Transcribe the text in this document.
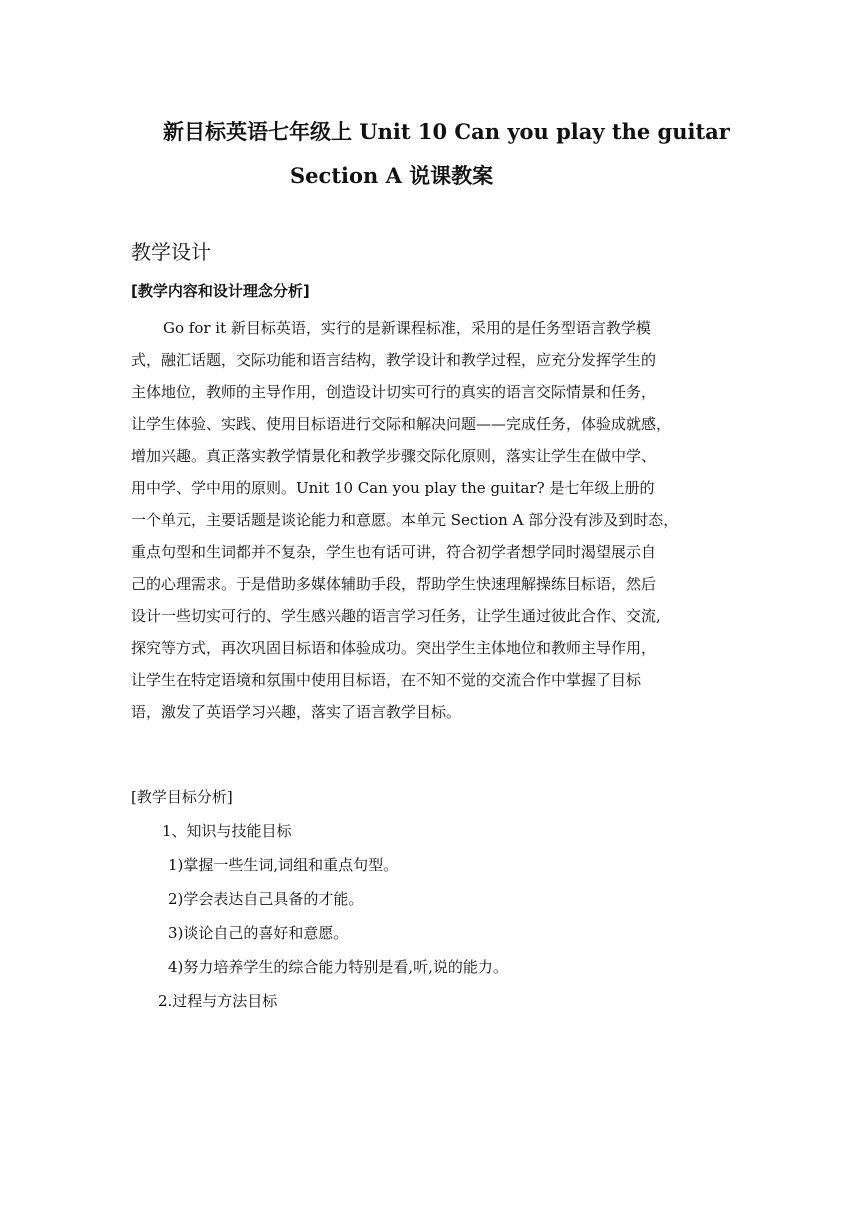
新目标英语七年级上 Unit 10 Can you play the guitar
Section A 说课教案
教学设计
[教学内容和设计理念分析]
Go for it 新目标英语，实行的是新课程标准，采用的是任务型语言教学模
式，融汇话题，交际功能和语言结构，教学设计和教学过程，应充分发挥学生的
主体地位，教师的主导作用，创造设计切实可行的真实的语言交际情景和任务，
让学生体验、实践、使用目标语进行交际和解决问题——完成任务，体验成就感，
增加兴趣。真正落实教学情景化和教学步骤交际化原则，落实让学生在做中学、
用中学、学中用的原则。Unit 10 Can you play the guitar? 是七年级上册的
一个单元，主要话题是谈论能力和意愿。本单元 Section A 部分没有涉及到时态，
重点句型和生词都并不复杂，学生也有话可讲，符合初学者想学同时渴望展示自
己的心理需求。于是借助多媒体辅助手段，帮助学生快速理解操练目标语，然后
设计一些切实可行的、学生感兴趣的语言学习任务，让学生通过彼此合作、交流,
探究等方式，再次巩固目标语和体验成功。突出学生主体地位和教师主导作用，
让学生在特定语境和氛围中使用目标语，在不知不觉的交流合作中掌握了目标
语，激发了英语学习兴趣，落实了语言教学目标。
[教学目标分析]
1、知识与技能目标
1)掌握一些生词,词组和重点句型。
2)学会表达自己具备的才能。
3)谈论自己的喜好和意愿。
4)努力培养学生的综合能力特别是看,听,说的能力。
2.过程与方法目标
